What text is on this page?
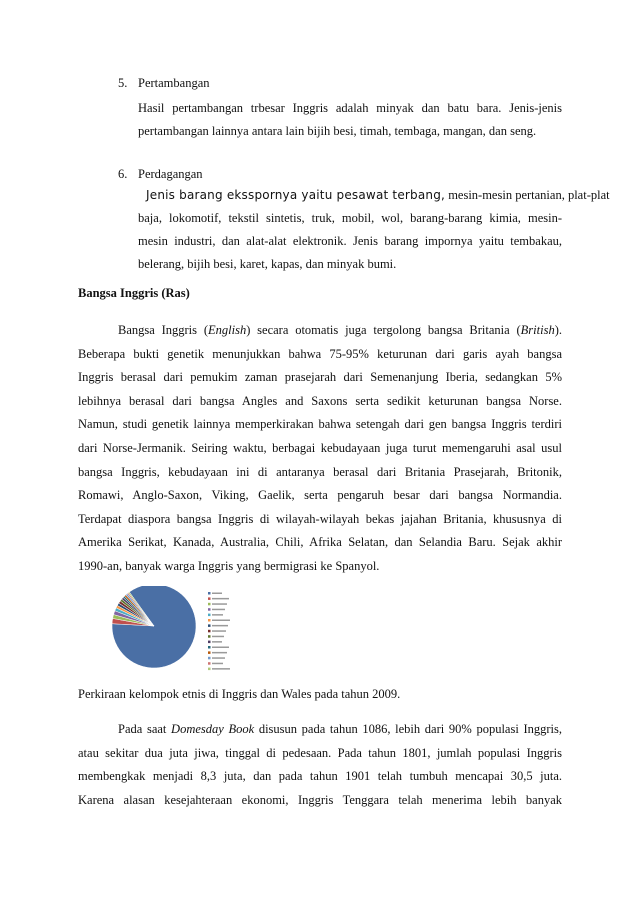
5. Pertambangan
Hasil pertambangan trbesar Inggris adalah minyak dan batu bara. Jenis-jenis
pertambangan lainnya antara lain bijih besi, timah, tembaga, mangan, dan seng.
6. Perdagangan
Jenis barang eksspornya yaitu pesawat terbang, mesin-mesin pertanian, plat-plat
baja, lokomotif, tekstil sintetis, truk, mobil, wol, barang-barang kimia, mesin-
mesin industri, dan alat-alat elektronik. Jenis barang impornya yaitu tembakau,
belerang, bijih besi, karet, kapas, dan minyak bumi.
Bangsa Inggris (Ras)
Bangsa Inggris (English) secara otomatis juga tergolong bangsa Britania (British).
Beberapa bukti genetik menunjukkan bahwa 75-95% keturunan dari garis ayah bangsa
Inggris berasal dari pemukim zaman prasejarah dari Semenanjung Iberia, sedangkan 5%
lebihnya berasal dari bangsa Angles and Saxons serta sedikit keturunan bangsa Norse.
Namun, studi genetik lainnya memperkirakan bahwa setengah dari gen bangsa Inggris terdiri
dari Norse-Jermanik. Seiring waktu, berbagai kebudayaan juga turut memengaruhi asal usul
bangsa Inggris, kebudayaan ini di antaranya berasal dari Britania Prasejarah, Britonik,
Romawi, Anglo-Saxon, Viking, Gaelik, serta pengaruh besar dari bangsa Normandia.
Terdapat diaspora bangsa Inggris di wilayah-wilayah bekas jajahan Britania, khususnya di
Amerika Serikat, Kanada, Australia, Chili, Afrika Selatan, dan Selandia Baru. Sejak akhir
1990-an, banyak warga Inggris yang bermigrasi ke Spanyol.
Perkiraan kelompok etnis di Inggris dan Wales pada tahun 2009.
Pada saat Domesday Book disusun pada tahun 1086, lebih dari 90% populasi Inggris,
atau sekitar dua juta jiwa, tinggal di pedesaan. Pada tahun 1801, jumlah populasi Inggris
membengkak menjadi 8,3 juta, dan pada tahun 1901 telah tumbuh mencapai 30,5 juta.
Karena alasan kesejahteraan ekonomi, Inggris Tenggara telah menerima lebih banyak
